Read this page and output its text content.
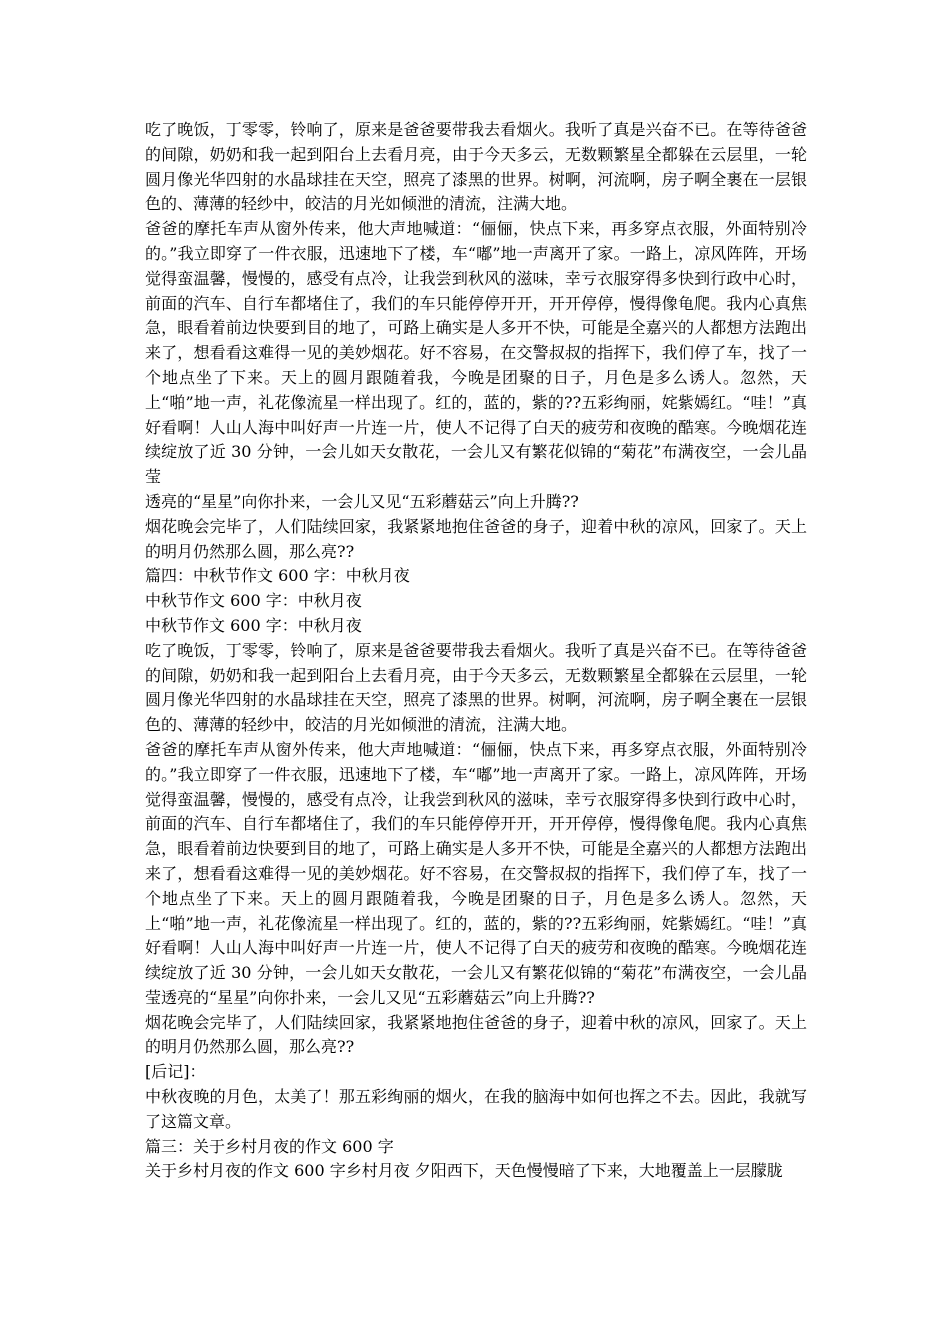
吃了晚饭，丁零零，铃响了，原来是爸爸要带我去看烟火。我听了真是兴奋不已。在等待爸爸的间隙，奶奶和我一起到阳台上去看月亮，由于今天多云，无数颗繁星全都躲在云层里，一轮圆月像光华四射的水晶球挂在天空，照亮了漆黑的世界。树啊，河流啊，房子啊全裹在一层银色的、薄薄的轻纱中，皎洁的月光如倾泄的清流，注满大地。

爸爸的摩托车声从窗外传来，他大声地喊道：“俪俪，快点下来，再多穿点衣服，外面特别冷的。”我立即穿了一件衣服，迅速地下了楼，车“嘟”地一声离开了家。一路上，凉风阵阵，开场觉得蛮温馨，慢慢的，感受有点冷，让我尝到秋风的滋味，幸亏衣服穿得多快到行政中心时，前面的汽车、自行车都堵住了，我们的车只能停停开开，开开停停，慢得像龟爬。我内心真焦急，眼看着前边快要到目的地了，可路上确实是人多开不快，可能是全嘉兴的人都想方法跑出来了，想看看这难得一见的美妙烟花。好不容易，在交警叔叔的指挥下，我们停了车，找了一个地点坐了下来。天上的圆月跟随着我，今晚是团聚的日子，月色是多么诱人。忽然，天上“啪”地一声，礼花像流星一样出现了。红的，蓝的，紫的??五彩绚丽，姹紫嫣红。“哇！”真好看啊！人山人海中叫好声一片连一片，使人不记得了白天的疲劳和夜晚的酷寒。今晚烟花连续绽放了近 30 分钟，一会儿如天女散花，一会儿又有繁花似锦的“菊花”布满夜空，一会儿晶莹

透亮的“星星”向你扑来，一会儿又见“五彩蘑菇云”向上升腾??

烟花晚会完毕了，人们陆续回家，我紧紧地抱住爸爸的身子，迎着中秋的凉风，回家了。天上的明月仍然那么圆，那么亮??

篇四：中秋节作文 600 字：中秋月夜

中秋节作文 600 字：中秋月夜

中秋节作文 600 字：中秋月夜

吃了晚饭，丁零零，铃响了，原来是爸爸要带我去看烟火。我听了真是兴奋不已。在等待爸爸的间隙，奶奶和我一起到阳台上去看月亮，由于今天多云，无数颗繁星全都躲在云层里，一轮圆月像光华四射的水晶球挂在天空，照亮了漆黑的世界。树啊，河流啊，房子啊全裹在一层银色的、薄薄的轻纱中，皎洁的月光如倾泄的清流，注满大地。

爸爸的摩托车声从窗外传来，他大声地喊道：“俪俪，快点下来，再多穿点衣服，外面特别冷的。”我立即穿了一件衣服，迅速地下了楼，车“嘟”地一声离开了家。一路上，凉风阵阵，开场觉得蛮温馨，慢慢的，感受有点冷，让我尝到秋风的滋味，幸亏衣服穿得多快到行政中心时，前面的汽车、自行车都堵住了，我们的车只能停停开开，开开停停，慢得像龟爬。我内心真焦急，眼看着前边快要到目的地了，可路上确实是人多开不快，可能是全嘉兴的人都想方法跑出来了，想看看这难得一见的美妙烟花。好不容易，在交警叔叔的指挥下，我们停了车，找了一个地点坐了下来。天上的圆月跟随着我，今晚是团聚的日子，月色是多么诱人。忽然，天上“啪”地一声，礼花像流星一样出现了。红的，蓝的，紫的??五彩绚丽，姹紫嫣红。“哇！”真好看啊！人山人海中叫好声一片连一片，使人不记得了白天的疲劳和夜晚的酷寒。今晚烟花连续绽放了近 30 分钟，一会儿如天女散花，一会儿又有繁花似锦的“菊花”布满夜空，一会儿晶莹透亮的“星星”向你扑来，一会儿又见“五彩蘑菇云”向上升腾??

烟花晚会完毕了，人们陆续回家，我紧紧地抱住爸爸的身子，迎着中秋的凉风，回家了。天上的明月仍然那么圆，那么亮??

[后记]：

中秋夜晚的月色，太美了！那五彩绚丽的烟火，在我的脑海中如何也挥之不去。因此，我就写了这篇文章。

篇三：关于乡村月夜的作文 600 字

关于乡村月夜的作文 600 字乡村月夜 夕阳西下，天色慢慢暗了下来，大地覆盖上一层朦胧
